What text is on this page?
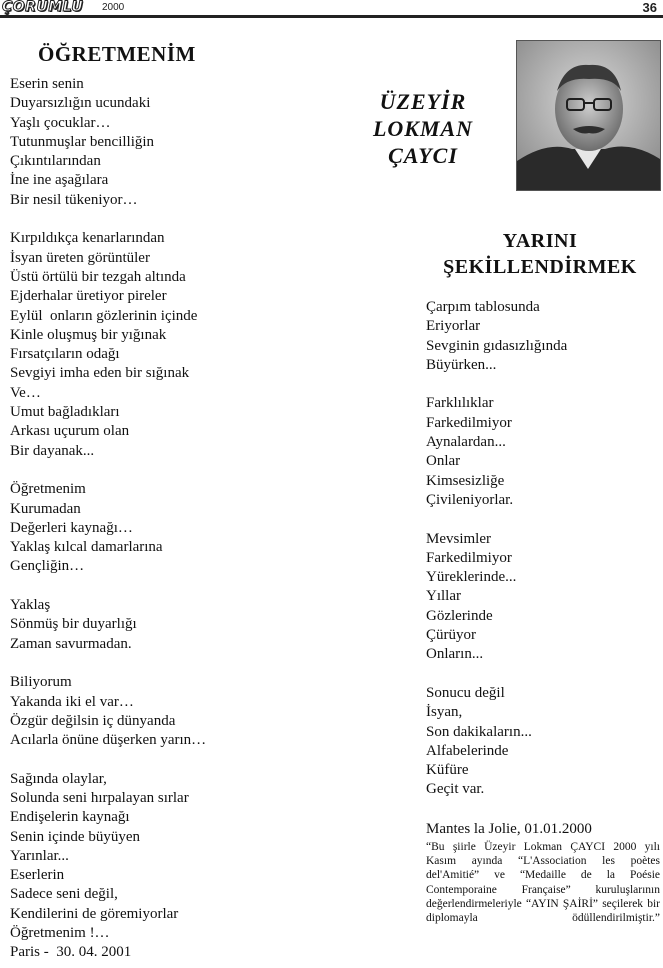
ÇORUMLU 2000	36
ÖĞRETMENİM
Eserin senin
Duyarsızlığın ucundaki
Yaşlı çocuklar…
Tutunmuşlar bencilliğin
Çıkıntılarından
İne ine aşağılara
Bir nesil tükeniyor…
Kırpıldıkça kenarlarından
İsyan üreten görüntüler
Üstü örtülü bir tezgah altında
Ejderhalar üretiyor pireler
Eylül  onların gözlerinin içinde
Kinle oluşmuş bir yığınak
Fırsatçıların odağı
Sevgiyi imha eden bir sığınak
Ve…
Umut bağladıkları
Arkası uçurum olan
Bir dayanak...
Öğretmenim
Kurumadan
Değerleri kaynağı…
Yaklaş kılcal damarlarına
Gençliğin…
Yaklaş
Sönmüş bir duyarlığı
Zaman savurmadan.
Biliyorum
Yakanda iki el var…
Özgür değilsin iç dünyanda
Acılarla önüne düşerken yarın…
Sağında olaylar,
Solunda seni hırpalayan sırlar
Endişelerin kaynağı
Senin içinde büyüyen
Yarınlar...
Eserlerin
Sadece seni değil,
Kendilerini de göremiyorlar
Öğretmenim !…
Paris -  30. 04. 2001
ÜZEYİR
LOKMAN
ÇAYCI
YARINI
ŞEKİLLENDİRMEK
Çarpım tablosunda
Eriyorlar
Sevginin gıdasızlığında
Büyürken...
Farklılıklar
Farkedilmiyor
Aynalardan...
Onlar
Kimsesizliğe
Çivileniyorlar.
Mevsimler
Farkedilmiyor
Yüreklerinde...
Yıllar
Gözlerinde
Çürüyor
Onların...
Sonucu değil
İsyan,
Son dakikaların...
Alfabelerinde
Küfüre
Geçit var.
Mantes la Jolie, 01.01.2000
“Bu şiirle Üzeyir Lokman ÇAYCI 2000 yılı Kasım ayında “L'Association les poètes del'Amitié” ve “Medaille de la Poésie Contemporaine Française” kuruluşlarının değerlendirmeleriyle “AYIN ŞAİRİ” seçilerek bir diplomayla ödüllendirilmiştir.”
